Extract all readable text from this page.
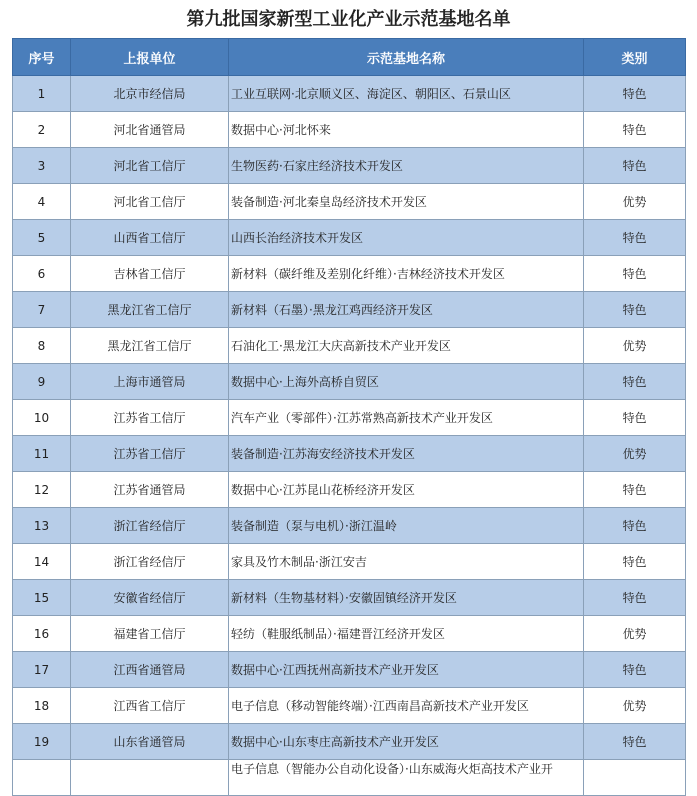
第九批国家新型工业化产业示范基地名单
序号	上报单位	示范基地名称	类别
1	北京市经信局	工业互联网·北京顺义区、海淀区、朝阳区、石景山区	特色
2	河北省通管局	数据中心·河北怀来	特色
3	河北省工信厅	生物医药·石家庄经济技术开发区	特色
4	河北省工信厅	装备制造·河北秦皇岛经济技术开发区	优势
5	山西省工信厅	山西长治经济技术开发区	特色
6	吉林省工信厅	新材料（碳纤维及差别化纤维）·吉林经济技术开发区	特色
7	黑龙江省工信厅	新材料（石墨）·黑龙江鸡西经济开发区	特色
8	黑龙江省工信厅	石油化工·黑龙江大庆高新技术产业开发区	优势
9	上海市通管局	数据中心·上海外高桥自贸区	特色
10	江苏省工信厅	汽车产业（零部件）·江苏常熟高新技术产业开发区	特色
11	江苏省工信厅	装备制造·江苏海安经济技术开发区	优势
12	江苏省通管局	数据中心·江苏昆山花桥经济开发区	特色
13	浙江省经信厅	装备制造（泵与电机）·浙江温岭	特色
14	浙江省经信厅	家具及竹木制品·浙江安吉	特色
15	安徽省经信厅	新材料（生物基材料）·安徽固镇经济开发区	特色
16	福建省工信厅	轻纺（鞋服纸制品）·福建晋江经济开发区	优势
17	江西省通管局	数据中心·江西抚州高新技术产业开发区	特色
18	江西省工信厅	电子信息（移动智能终端）·江西南昌高新技术产业开发区	优势
19	山东省通管局	数据中心·山东枣庄高新技术产业开发区	特色
		电子信息（智能办公自动化设备）·山东威海火炬高技术产业开	
